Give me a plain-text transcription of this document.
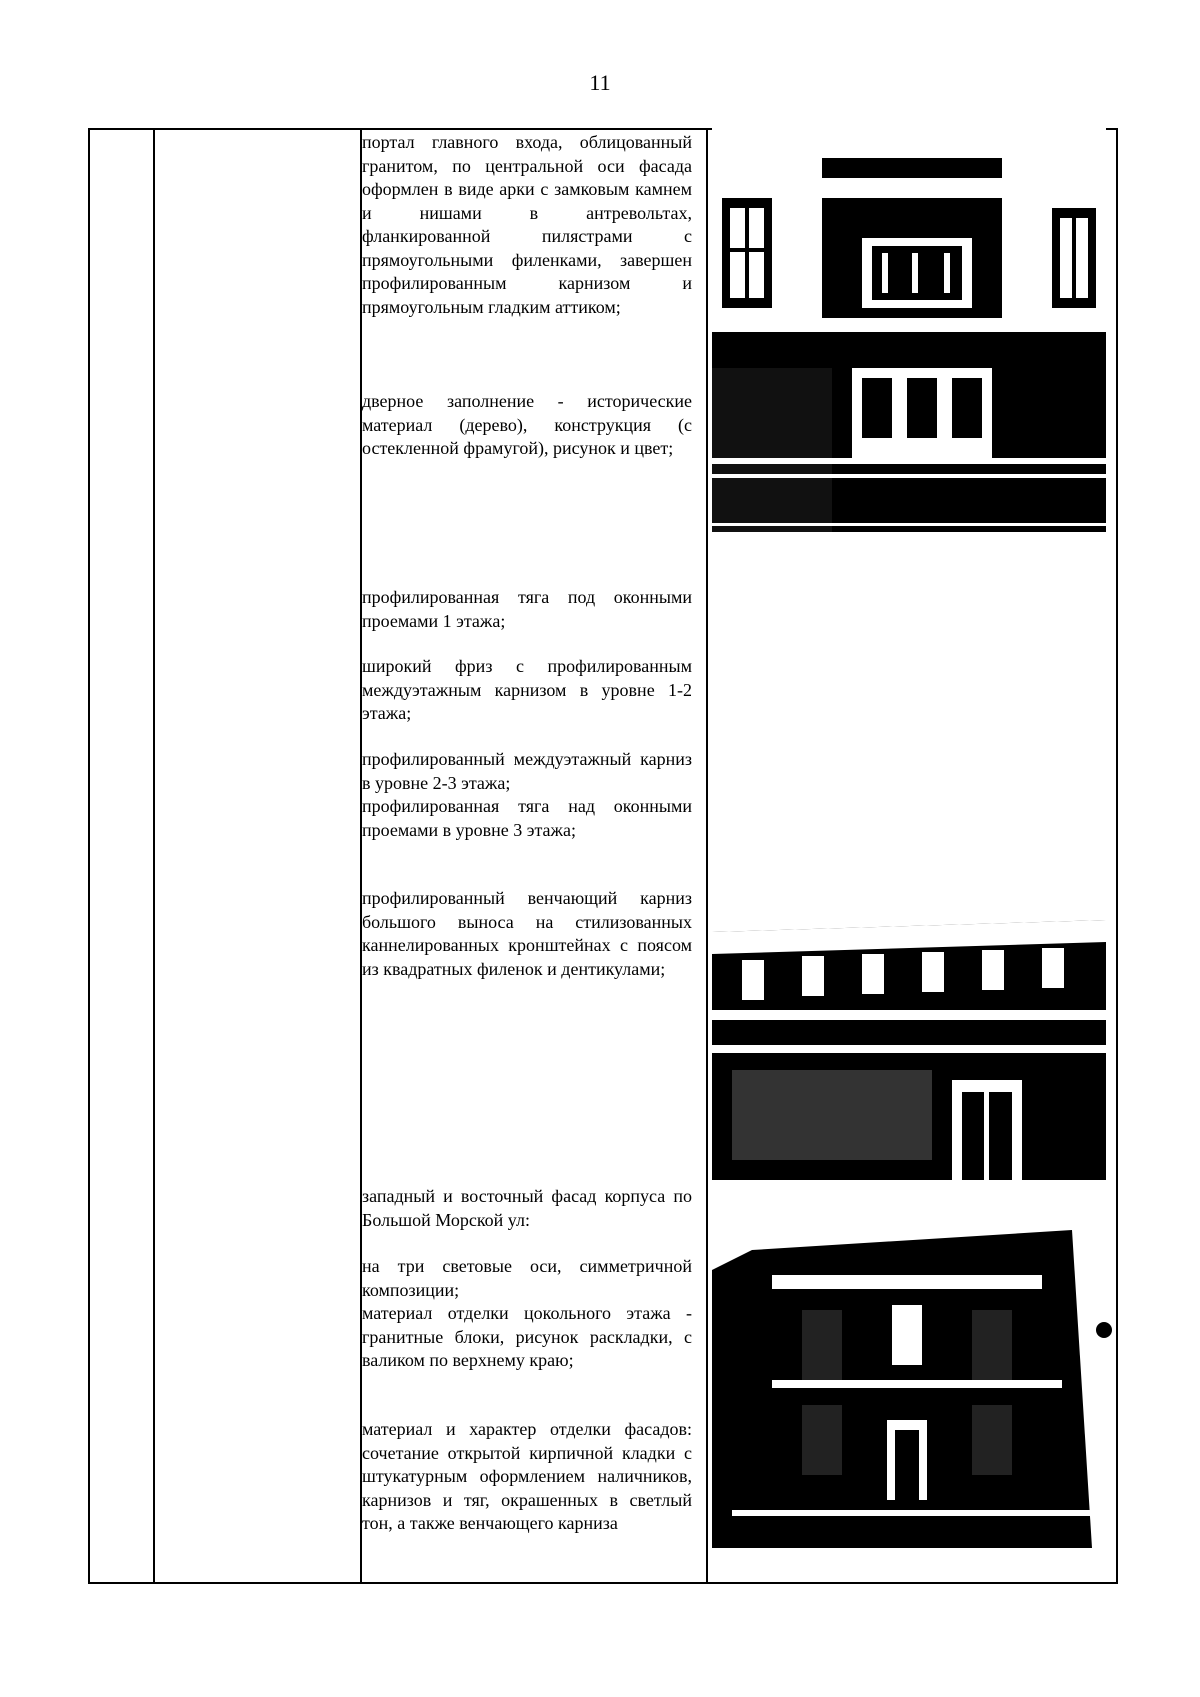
11

портал главного входа, облицованный гранитом, по центральной оси фасада оформлен в виде арки с замковым камнем и нишами в антревольтах, фланкированной пилястрами с прямоугольными филенками, завершен профилированным карнизом и прямоугольным гладким аттиком;

дверное заполнение - исторические материал (дерево), конструкция (с остекленной фрамугой), рисунок и цвет;

профилированная тяга под оконными проемами 1 этажа;

широкий фриз с профилированным междуэтажным карнизом в уровне 1-2 этажа;

профилированный междуэтажный карниз в уровне 2-3 этажа;

профилированная тяга над оконными проемами в уровне 3 этажа;

профилированный венчающий карниз большого выноса на стилизованных каннелированных кронштейнах с поясом из квадратных филенок и дентикулами;

западный и восточный фасад корпуса по Большой Морской ул:

на три световые оси, симметричной композиции;

материал отделки цокольного этажа - гранитные блоки, рисунок раскладки, с валиком по верхнему краю;

материал и характер отделки фасадов: сочетание открытой кирпичной кладки с штукатурным оформлением наличников, карнизов и тяг, окрашенных в светлый тон, а также венчающего карниза
